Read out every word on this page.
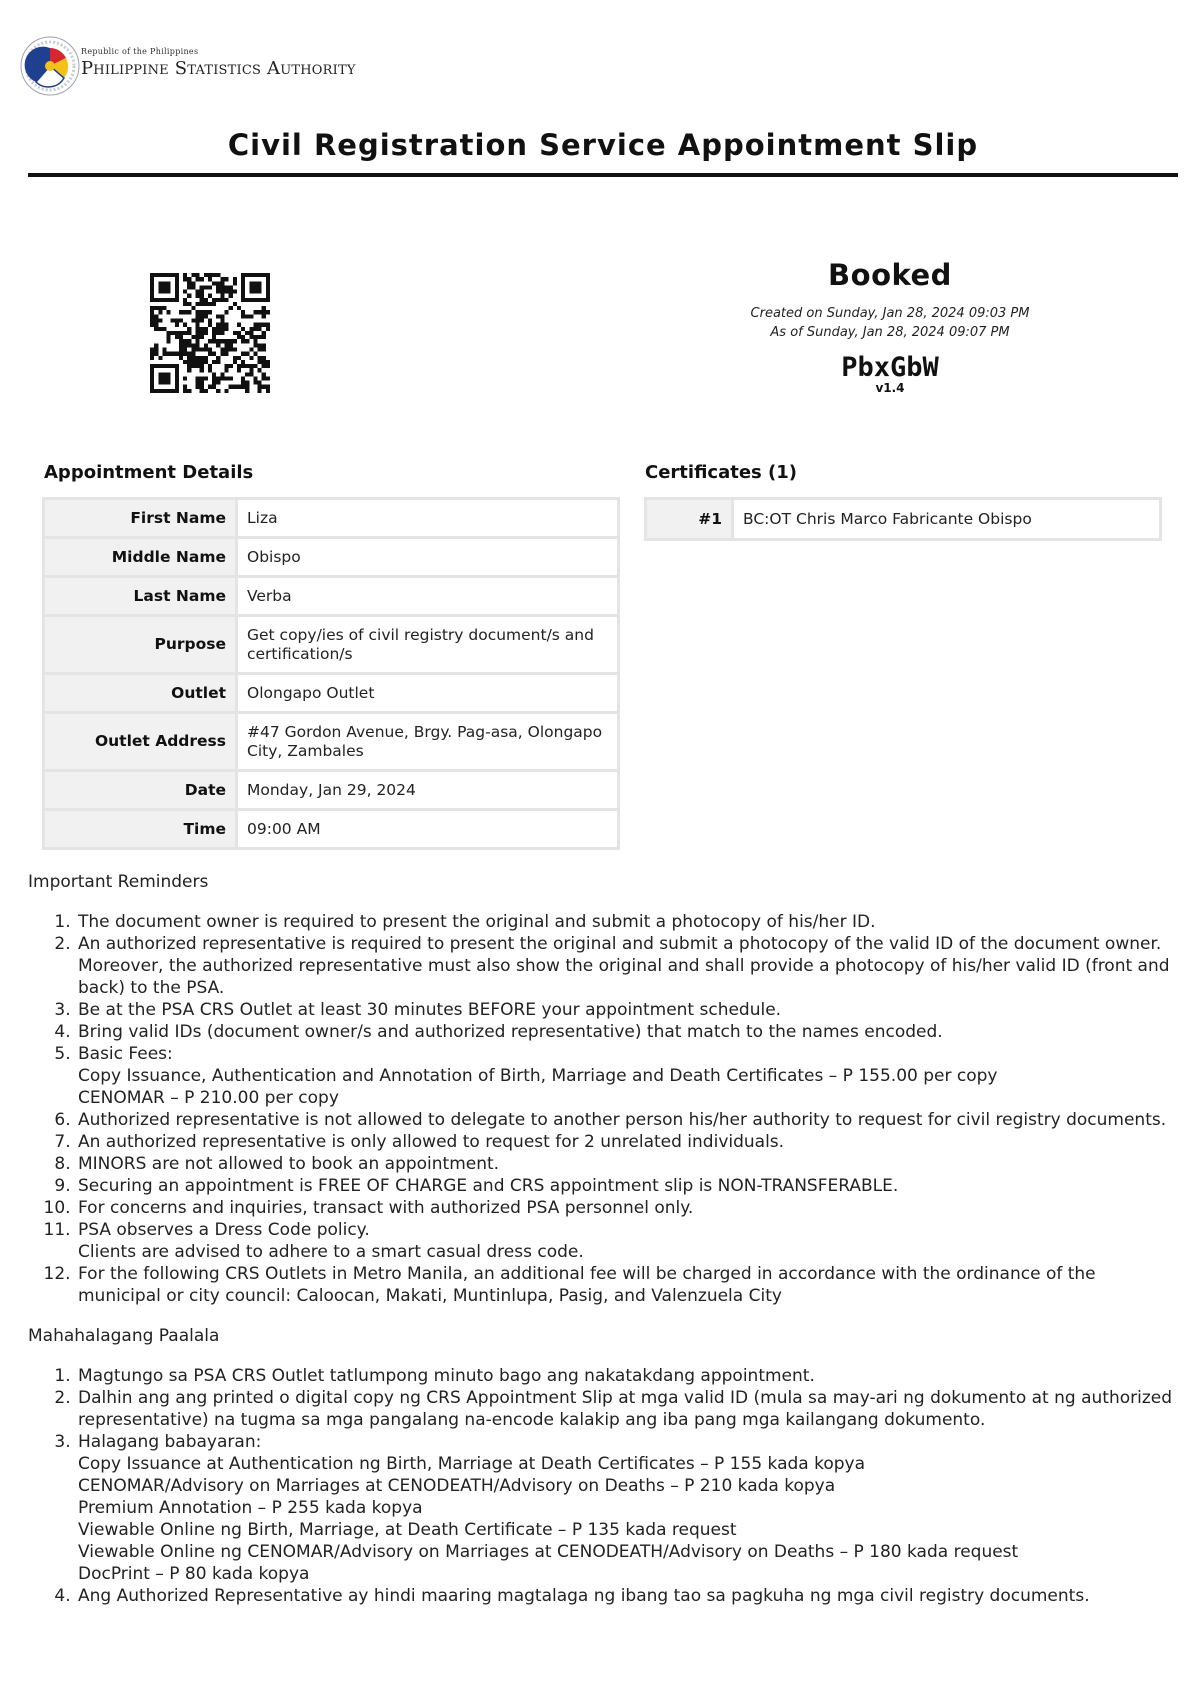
Republic of the Philippines
Philippine Statistics Authority
Civil Registration Service Appointment Slip
Booked
Created on Sunday, Jan 28, 2024 09:03 PM
As of Sunday, Jan 28, 2024 09:07 PM
PbxGbW
v1.4
Appointment Details
First Name	Liza
Middle Name	Obispo
Last Name	Verba
Purpose	Get copy/ies of civil registry document/s and certification/s
Outlet	Olongapo Outlet
Outlet Address	#47 Gordon Avenue, Brgy. Pag-asa, Olongapo City, Zambales
Date	Monday, Jan 29, 2024
Time	09:00 AM
Certificates (1)
#1	BC:OT Chris Marco Fabricante Obispo
Important Reminders
1. The document owner is required to present the original and submit a photocopy of his/her ID.
2. An authorized representative is required to present the original and submit a photocopy of the valid ID of the document owner. Moreover, the authorized representative must also show the original and shall provide a photocopy of his/her valid ID (front and back) to the PSA.
3. Be at the PSA CRS Outlet at least 30 minutes BEFORE your appointment schedule.
4. Bring valid IDs (document owner/s and authorized representative) that match to the names encoded.
5. Basic Fees:
Copy Issuance, Authentication and Annotation of Birth, Marriage and Death Certificates – P 155.00 per copy
CENOMAR – P 210.00 per copy
6. Authorized representative is not allowed to delegate to another person his/her authority to request for civil registry documents.
7. An authorized representative is only allowed to request for 2 unrelated individuals.
8. MINORS are not allowed to book an appointment.
9. Securing an appointment is FREE OF CHARGE and CRS appointment slip is NON-TRANSFERABLE.
10. For concerns and inquiries, transact with authorized PSA personnel only.
11. PSA observes a Dress Code policy.
Clients are advised to adhere to a smart casual dress code.
12. For the following CRS Outlets in Metro Manila, an additional fee will be charged in accordance with the ordinance of the municipal or city council: Caloocan, Makati, Muntinlupa, Pasig, and Valenzuela City
Mahahalagang Paalala
1. Magtungo sa PSA CRS Outlet tatlumpong minuto bago ang nakatakdang appointment.
2. Dalhin ang ang printed o digital copy ng CRS Appointment Slip at mga valid ID (mula sa may-ari ng dokumento at ng authorized representative) na tugma sa mga pangalang na-encode kalakip ang iba pang mga kailangang dokumento.
3. Halagang babayaran:
Copy Issuance at Authentication ng Birth, Marriage at Death Certificates – P 155 kada kopya
CENOMAR/Advisory on Marriages at CENODEATH/Advisory on Deaths – P 210 kada kopya
Premium Annotation – P 255 kada kopya
Viewable Online ng Birth, Marriage, at Death Certificate – P 135 kada request
Viewable Online ng CENOMAR/Advisory on Marriages at CENODEATH/Advisory on Deaths – P 180 kada request
DocPrint – P 80 kada kopya
4. Ang Authorized Representative ay hindi maaring magtalaga ng ibang tao sa pagkuha ng mga civil registry documents.
